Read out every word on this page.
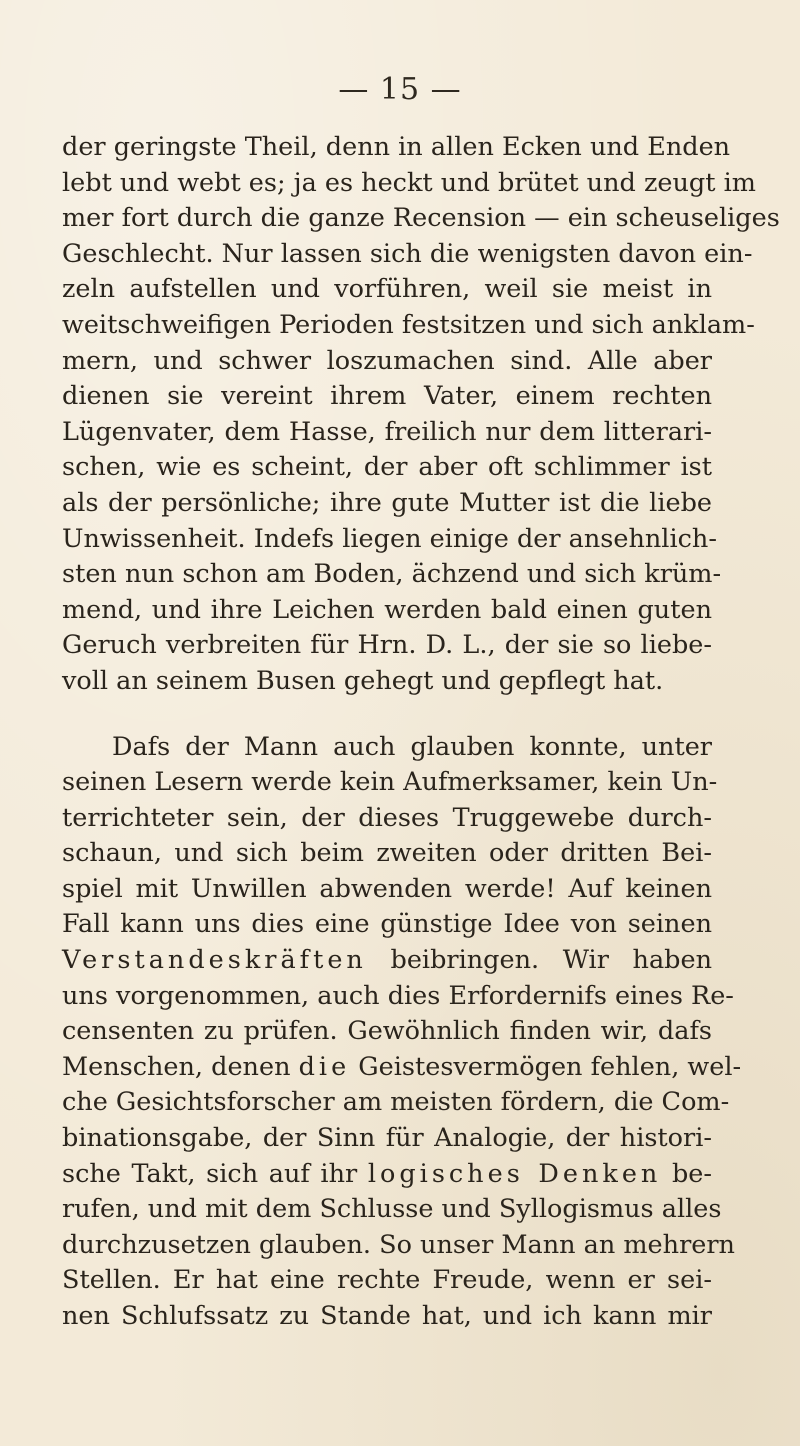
— 15 —
der geringste Theil, denn in allen Ecken und Enden
lebt und webt es; ja es heckt und brütet und zeugt im
mer fort durch die ganze Recension — ein scheuseliges
Geschlecht. Nur lassen sich die wenigsten davon ein-
zeln aufstellen und vorführen, weil sie meist in
weitschweifigen Perioden festsitzen und sich anklam-
mern, und schwer loszumachen sind. Alle aber
dienen sie vereint ihrem Vater, einem rechten
Lügenvater, dem Hasse, freilich nur dem litterari-
schen, wie es scheint, der aber oft schlimmer ist
als der persönliche; ihre gute Mutter ist die liebe
Unwissenheit. Indefs liegen einige der ansehnlich-
sten nun schon am Boden, ächzend und sich krüm-
mend, und ihre Leichen werden bald einen guten
Geruch verbreiten für Hrn. D. L., der sie so liebe-
voll an seinem Busen gehegt und gepflegt hat.
Dafs der Mann auch glauben konnte, unter
seinen Lesern werde kein Aufmerksamer, kein Un-
terrichteter sein, der dieses Truggewebe durch-
schaun, und sich beim zweiten oder dritten Bei-
spiel mit Unwillen abwenden werde! Auf keinen
Fall kann uns dies eine günstige Idee von seinen
Verstandeskräften beibringen. Wir haben
uns vorgenommen, auch dies Erfordernifs eines Re-
censenten zu prüfen. Gewöhnlich finden wir, dafs
Menschen, denen die Geistesvermögen fehlen, wel-
che Gesichtsforscher am meisten fördern, die Com-
binationsgabe, der Sinn für Analogie, der histori-
sche Takt, sich auf ihr logisches Denken be-
rufen, und mit dem Schlusse und Syllogismus alles
durchzusetzen glauben. So unser Mann an mehrern
Stellen. Er hat eine rechte Freude, wenn er sei-
nen Schlufssatz zu Stande hat, und ich kann mir
